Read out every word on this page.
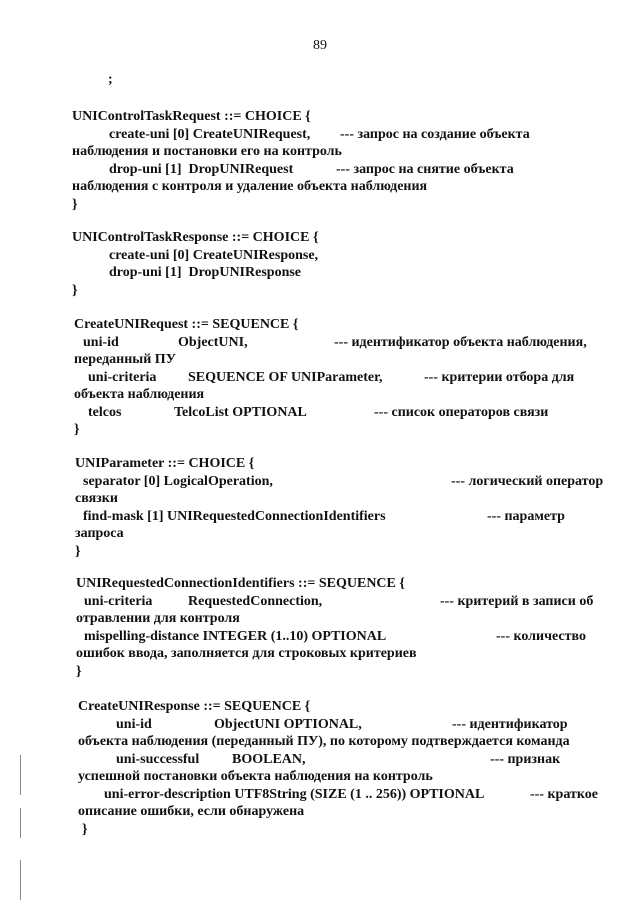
89
;
UNIControlTaskRequest ::= CHOICE {
create-uni [0] CreateUNIRequest, --- запрос на создание объекта
наблюдения и постановки его на контроль
drop-uni [1]  DropUNIRequest	--- запрос на снятие объекта
наблюдения с контроля и удаление объекта наблюдения
}
UNIControlTaskResponse ::= CHOICE {
create-uni [0] CreateUNIResponse,
drop-uni [1]  DropUNIResponse
}
CreateUNIRequest ::= SEQUENCE {
uni-id	ObjectUNI,	--- идентификатор объекта наблюдения,
переданный ПУ
uni-criteria SEQUENCE OF UNIParameter,	--- критерии отбора для
объекта наблюдения
telcos	TelcoList OPTIONAL	--- список операторов связи
}
UNIParameter ::= CHOICE {
separator [0] LogicalOperation,	--- логический оператор
связки
find-mask [1] UNIRequestedConnectionIdentifiers	--- параметр
запроса
}
UNIRequestedConnectionIdentifiers ::= SEQUENCE {
uni-criteria	RequestedConnection,	--- критерий в записи об
отравлении для контроля
mispelling-distance INTEGER (1..10) OPTIONAL	--- количество
ошибок ввода, заполняется для строковых критериев
}
CreateUNIResponse ::= SEQUENCE {
uni-id	ObjectUNI OPTIONAL,	--- идентификатор
объекта наблюдения (переданный ПУ), по которому подтверждается команда
uni-successful BOOLEAN,	--- признак
успешной постановки объекта наблюдения на контроль
uni-error-description UTF8String (SIZE (1 .. 256)) OPTIONAL	--- краткое
описание ошибки, если обнаружена
}
